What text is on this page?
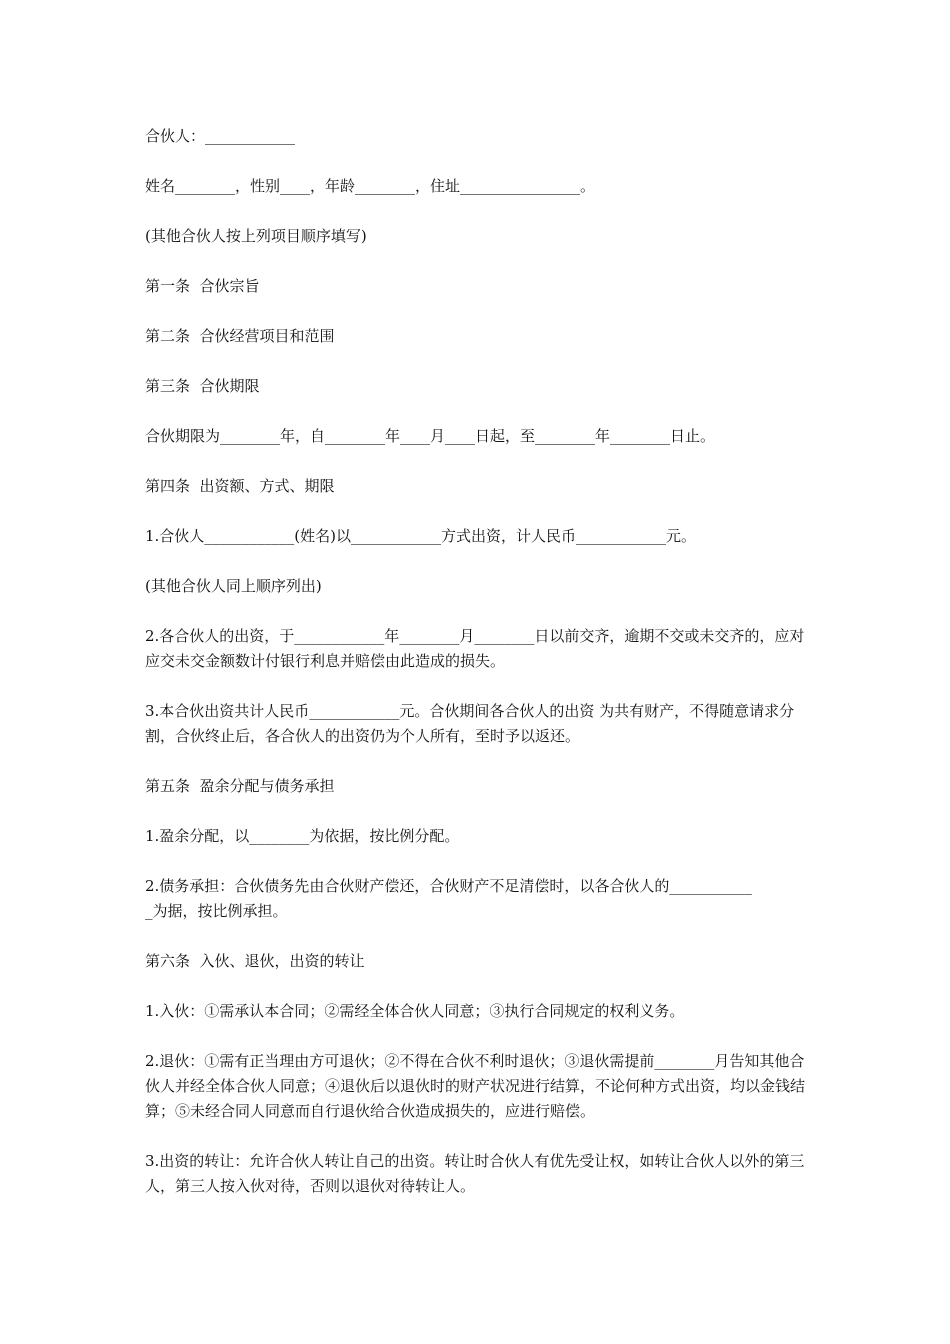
合伙人：____________

姓名________，性别____，年龄________，住址________________。

(其他合伙人按上列项目顺序填写)

第一条  合伙宗旨

第二条  合伙经营项目和范围

第三条  合伙期限

合伙期限为________年，自________年____月____日起，至________年________日止。

第四条  出资额、方式、期限

1.合伙人____________(姓名)以____________方式出资，计人民币____________元。

(其他合伙人同上顺序列出)

2.各合伙人的出资，于____________年________月________日以前交齐，逾期不交或未交齐的，应对应交未交金额数计付银行利息并赔偿由此造成的损失。

3.本合伙出资共计人民币____________元。合伙期间各合伙人的出资 为共有财产，不得随意请求分割，合伙终止后，各合伙人的出资仍为个人所有，至时予以返还。

第五条  盈余分配与债务承担

1.盈余分配，以________为依据，按比例分配。

2.债务承担：合伙债务先由合伙财产偿还，合伙财产不足清偿时，以各合伙人的___________
_为据，按比例承担。

第六条  入伙、退伙，出资的转让

1.入伙：①需承认本合同；②需经全体合伙人同意；③执行合同规定的权利义务。

2.退伙：①需有正当理由方可退伙；②不得在合伙不利时退伙；③退伙需提前________月告知其他合伙人并经全体合伙人同意；④退伙后以退伙时的财产状况进行结算，不论何种方式出资，均以金钱结算；⑤未经合同人同意而自行退伙给合伙造成损失的，应进行赔偿。

3.出资的转让：允许合伙人转让自己的出资。转让时合伙人有优先受让权，如转让合伙人以外的第三人，第三人按入伙对待，否则以退伙对待转让人。
